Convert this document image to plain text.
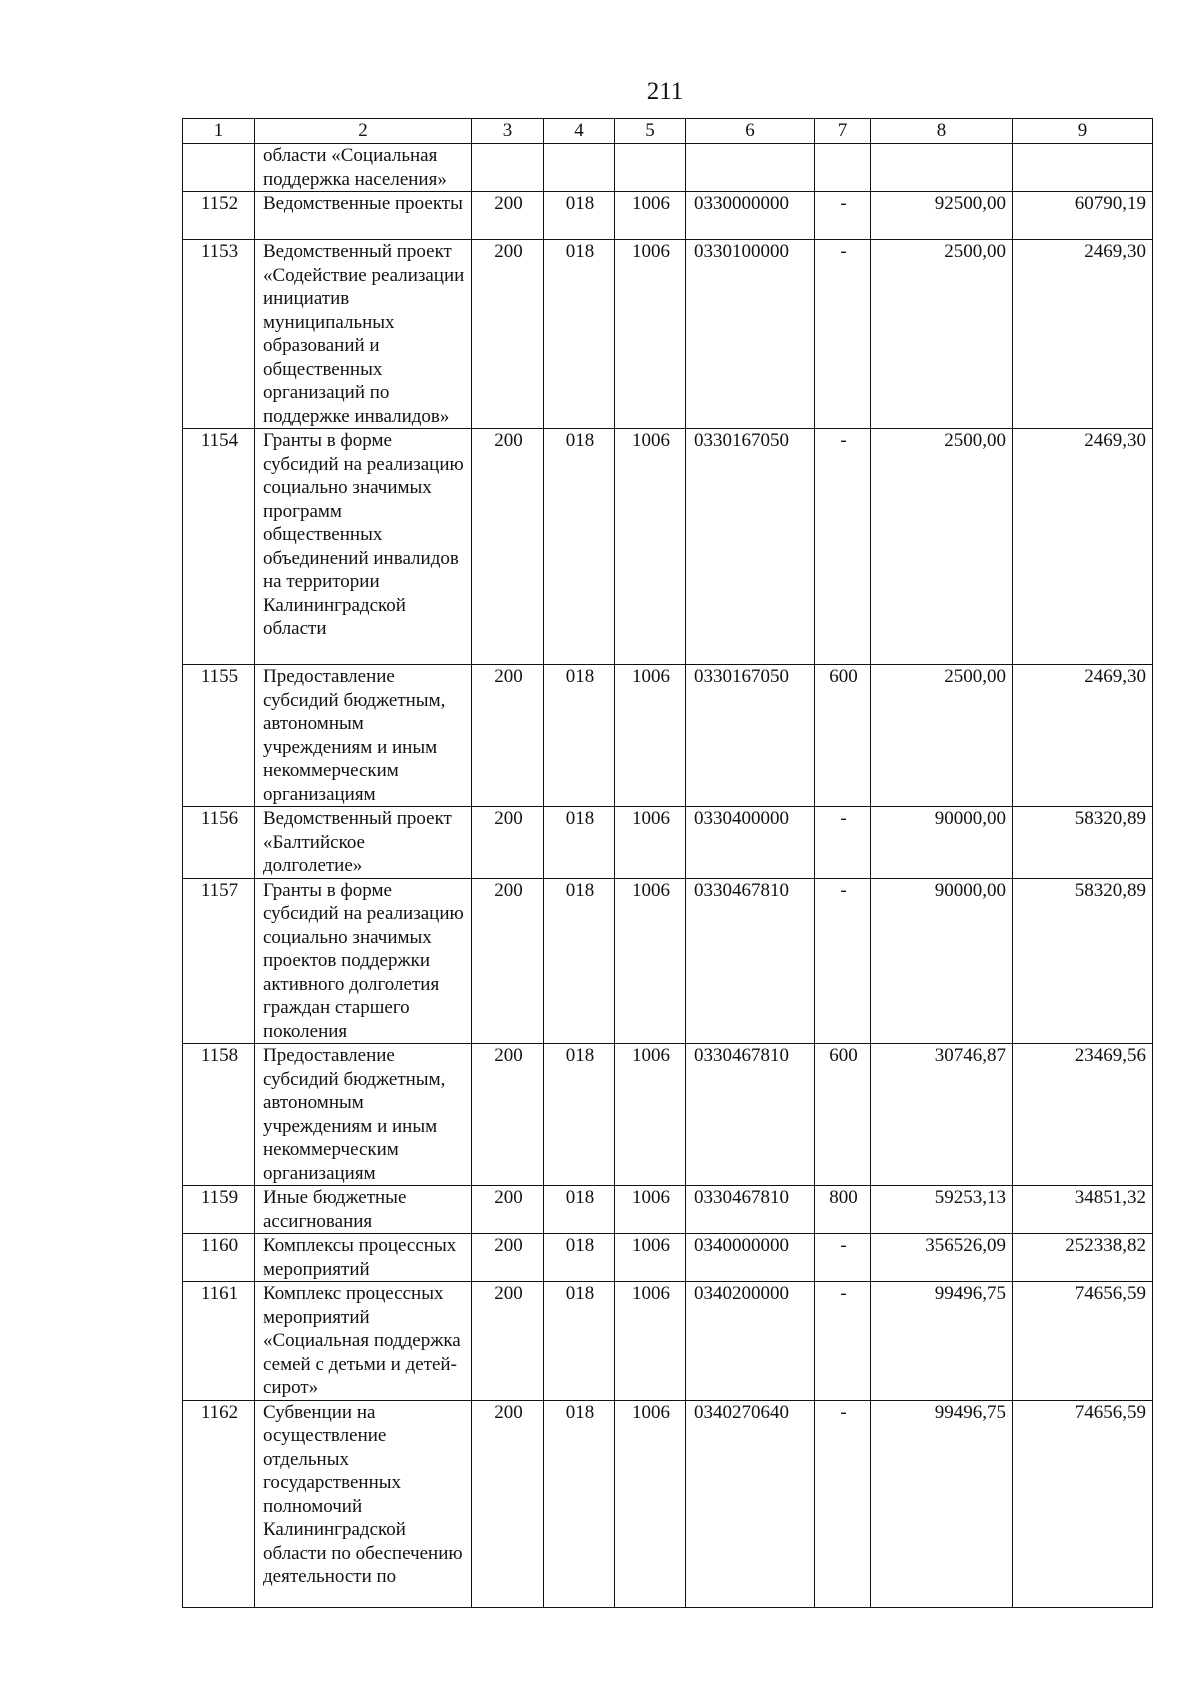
211
1	2	3	4	5	6	7	8	9
	области «Социальная поддержка населения»							
1152	Ведомственные проекты	200	018	1006	0330000000	-	92500,00	60790,19
1153	Ведомственный проект «Содействие реализации инициатив муниципальных образований и общественных организаций по поддержке инвалидов»	200	018	1006	0330100000	-	2500,00	2469,30
1154	Гранты в форме субсидий на реализацию социально значимых программ общественных объединений инвалидов на территории Калининградской области	200	018	1006	0330167050	-	2500,00	2469,30
1155	Предоставление субсидий бюджетным, автономным учреждениям и иным некоммерческим организациям	200	018	1006	0330167050	600	2500,00	2469,30
1156	Ведомственный проект «Балтийское долголетие»	200	018	1006	0330400000	-	90000,00	58320,89
1157	Гранты в форме субсидий на реализацию социально значимых проектов поддержки активного долголетия граждан старшего поколения	200	018	1006	0330467810	-	90000,00	58320,89
1158	Предоставление субсидий бюджетным, автономным учреждениям и иным некоммерческим организациям	200	018	1006	0330467810	600	30746,87	23469,56
1159	Иные бюджетные ассигнования	200	018	1006	0330467810	800	59253,13	34851,32
1160	Комплексы процессных мероприятий	200	018	1006	0340000000	-	356526,09	252338,82
1161	Комплекс процессных мероприятий «Социальная поддержка семей с детьми и детей-сирот»	200	018	1006	0340200000	-	99496,75	74656,59
1162	Субвенции на осуществление отдельных государственных полномочий Калининградской области по обеспечению деятельности по	200	018	1006	0340270640	-	99496,75	74656,59
